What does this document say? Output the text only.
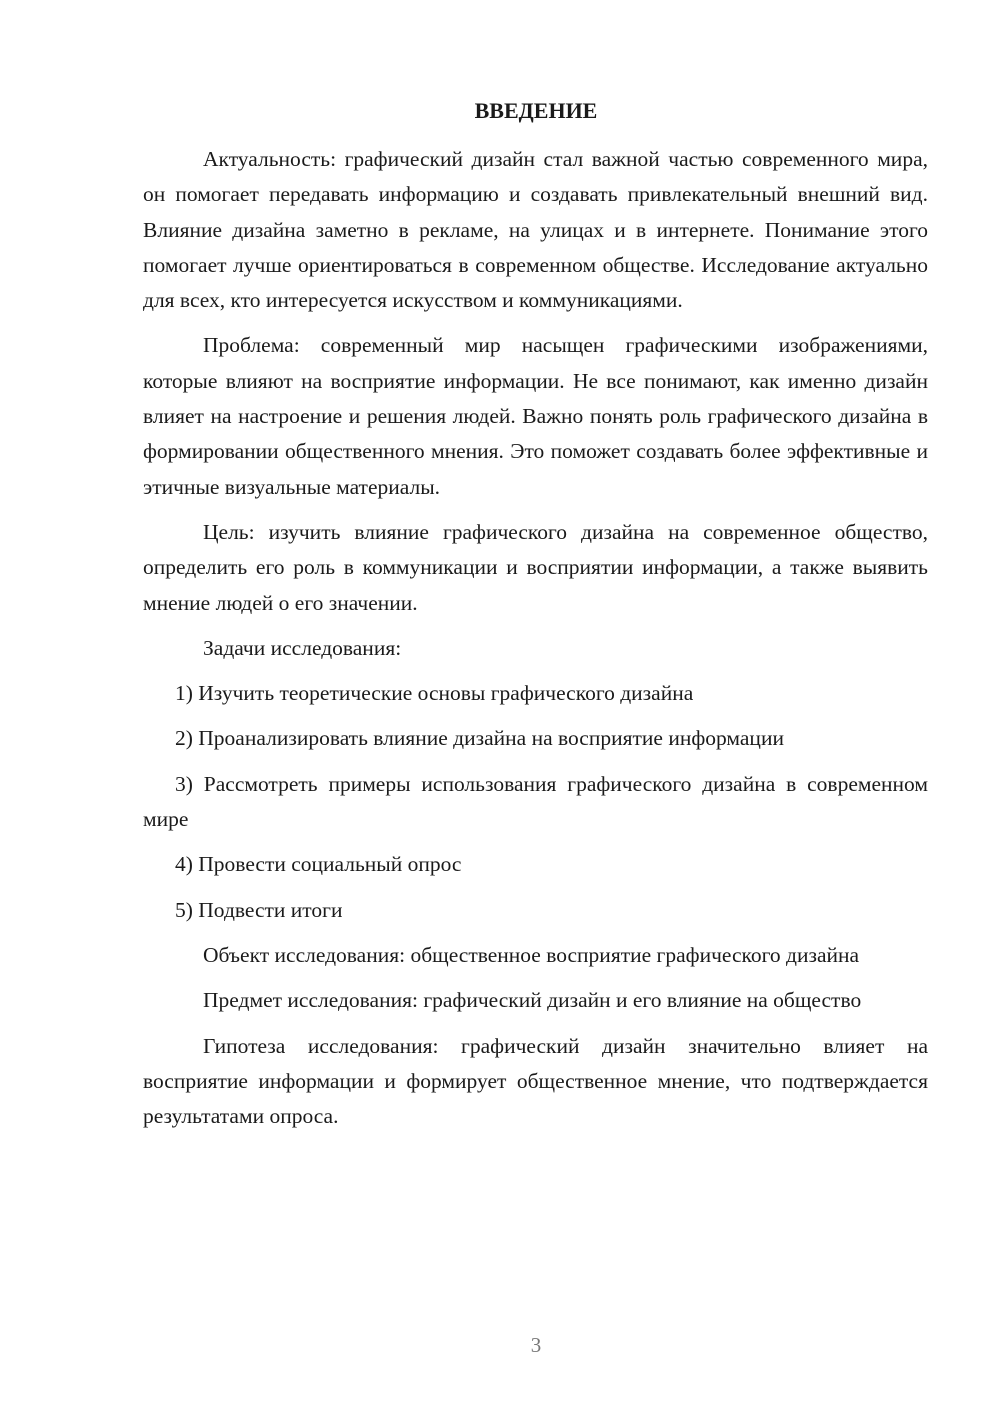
ВВЕДЕНИЕ

Актуальность: графический дизайн стал важной частью современного мира, он помогает передавать информацию и создавать привлекательный внешний вид. Влияние дизайна заметно в рекламе, на улицах и в интернете. Понимание этого помогает лучше ориентироваться в современном обществе. Исследование актуально для всех, кто интересуется искусством и коммуникациями.

Проблема: современный мир насыщен графическими изображениями, которые влияют на восприятие информации. Не все понимают, как именно дизайн влияет на настроение и решения людей. Важно понять роль графического дизайна в формировании общественного мнения. Это поможет создавать более эффективные и этичные визуальные материалы.

Цель: изучить влияние графического дизайна на современное общество, определить его роль в коммуникации и восприятии информации, а также выявить мнение людей о его значении.

Задачи исследования:

1) Изучить теоретические основы графического дизайна

2) Проанализировать влияние дизайна на восприятие информации

3) Рассмотреть примеры использования графического дизайна в современном мире

4) Провести социальный опрос

5) Подвести итоги

Объект исследования: общественное восприятие графического дизайна

Предмет исследования: графический дизайн и его влияние на общество

Гипотеза исследования: графический дизайн значительно влияет на восприятие информации и формирует общественное мнение, что подтверждается результатами опроса.

3
